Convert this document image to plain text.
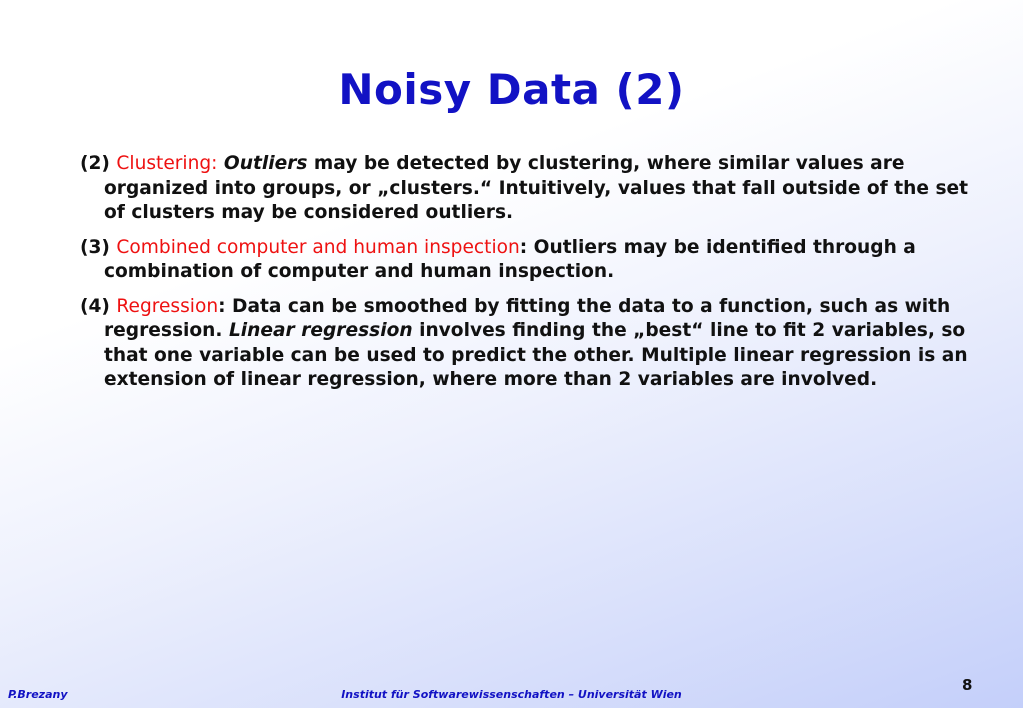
Noisy Data (2)

(2) Clustering: Outliers may be detected by clustering, where similar values are organized into groups, or „clusters.“ Intuitively, values that fall outside of the set of clusters may be considered outliers.

(3) Combined computer and human inspection: Outliers may be identified through a combination of computer and human inspection.

(4) Regression: Data can be smoothed by fitting the data to a function, such as with regression. Linear regression involves finding the „best“ line to fit 2 variables, so that one variable can be used to predict the other. Multiple linear regression is an extension of linear regression, where more than 2 variables are involved.

P.Brezany	Institut für Softwarewissenschaften – Universität Wien
8
